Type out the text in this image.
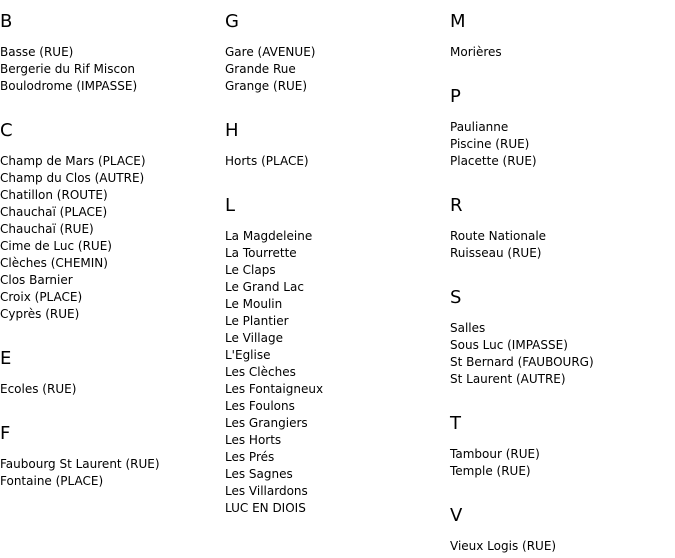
B
Basse (RUE)
Bergerie du Rif Miscon
Boulodrome (IMPASSE)
C
Champ de Mars (PLACE)
Champ du Clos (AUTRE)
Chatillon (ROUTE)
Chauchaï (PLACE)
Chauchaï (RUE)
Cime de Luc (RUE)
Clèches (CHEMIN)
Clos Barnier
Croix (PLACE)
Cyprès (RUE)
E
Ecoles (RUE)
F
Faubourg St Laurent (RUE)
Fontaine (PLACE)
G
Gare (AVENUE)
Grande Rue
Grange (RUE)
H
Horts (PLACE)
L
La Magdeleine
La Tourrette
Le Claps
Le Grand Lac
Le Moulin
Le Plantier
Le Village
L'Eglise
Les Clèches
Les Fontaigneux
Les Foulons
Les Grangiers
Les Horts
Les Prés
Les Sagnes
Les Villardons
LUC EN DIOIS
M
Morières
P
Paulianne
Piscine (RUE)
Placette (RUE)
R
Route Nationale
Ruisseau (RUE)
S
Salles
Sous Luc (IMPASSE)
St Bernard (FAUBOURG)
St Laurent (AUTRE)
T
Tambour (RUE)
Temple (RUE)
V
Vieux Logis (RUE)
